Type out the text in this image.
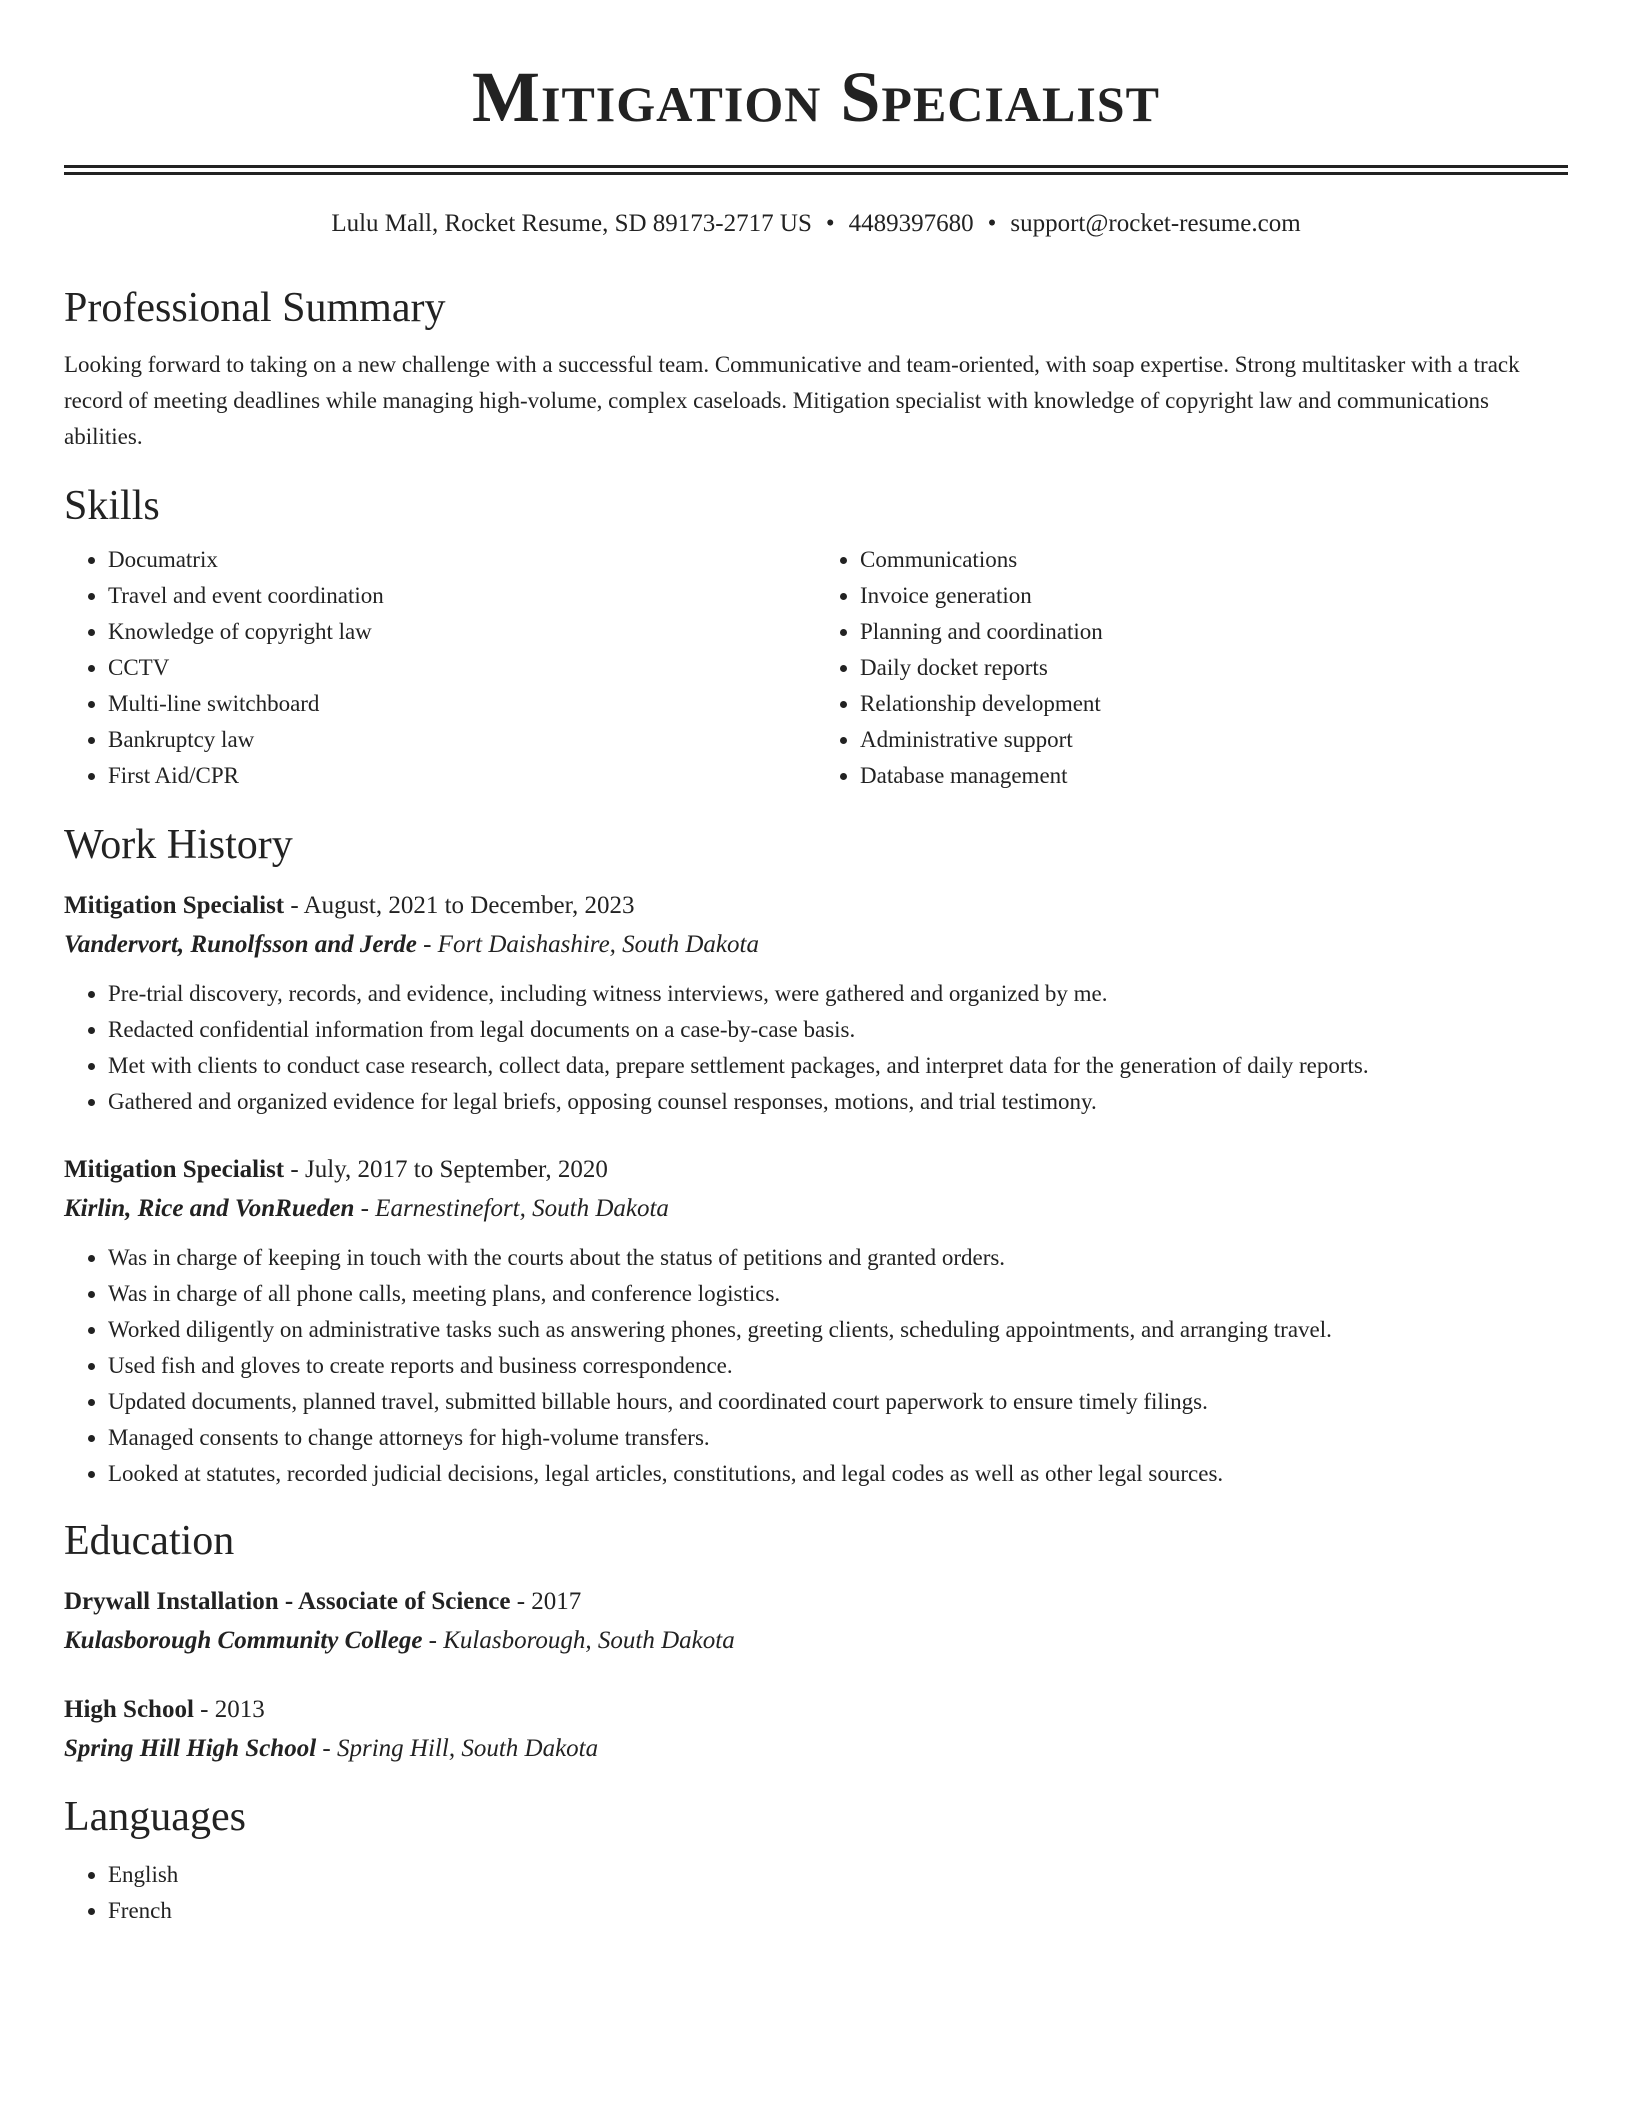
Mitigation Specialist
Lulu Mall, Rocket Resume, SD 89173-2717 US • 4489397680 • support@rocket-resume.com
Professional Summary

Looking forward to taking on a new challenge with a successful team. Communicative and team-oriented, with soap expertise. Strong multitasker with a track record of meeting deadlines while managing high-volume, complex caseloads. Mitigation specialist with knowledge of copyright law and communications abilities.

Skills
• Documatrix
• Travel and event coordination
• Knowledge of copyright law
• CCTV
• Multi-line switchboard
• Bankruptcy law
• First Aid/CPR
• Communications
• Invoice generation
• Planning and coordination
• Daily docket reports
• Relationship development
• Administrative support
• Database management
Work History

Mitigation Specialist - August, 2021 to December, 2023

Vandervort, Runolfsson and Jerde - Fort Daishashire, South Dakota

• Pre-trial discovery, records, and evidence, including witness interviews, were gathered and organized by me.
• Redacted confidential information from legal documents on a case-by-case basis.
• Met with clients to conduct case research, collect data, prepare settlement packages, and interpret data for the generation of daily reports.
• Gathered and organized evidence for legal briefs, opposing counsel responses, motions, and trial testimony.

Mitigation Specialist - July, 2017 to September, 2020

Kirlin, Rice and VonRueden - Earnestinefort, South Dakota

• Was in charge of keeping in touch with the courts about the status of petitions and granted orders.
• Was in charge of all phone calls, meeting plans, and conference logistics.
• Worked diligently on administrative tasks such as answering phones, greeting clients, scheduling appointments, and arranging travel.
• Used fish and gloves to create reports and business correspondence.
• Updated documents, planned travel, submitted billable hours, and coordinated court paperwork to ensure timely filings.
• Managed consents to change attorneys for high-volume transfers.
• Looked at statutes, recorded judicial decisions, legal articles, constitutions, and legal codes as well as other legal sources.
Education

Drywall Installation - Associate of Science - 2017

Kulasborough Community College - Kulasborough, South Dakota

High School - 2013

Spring Hill High School - Spring Hill, South Dakota

Languages
• English
• French
